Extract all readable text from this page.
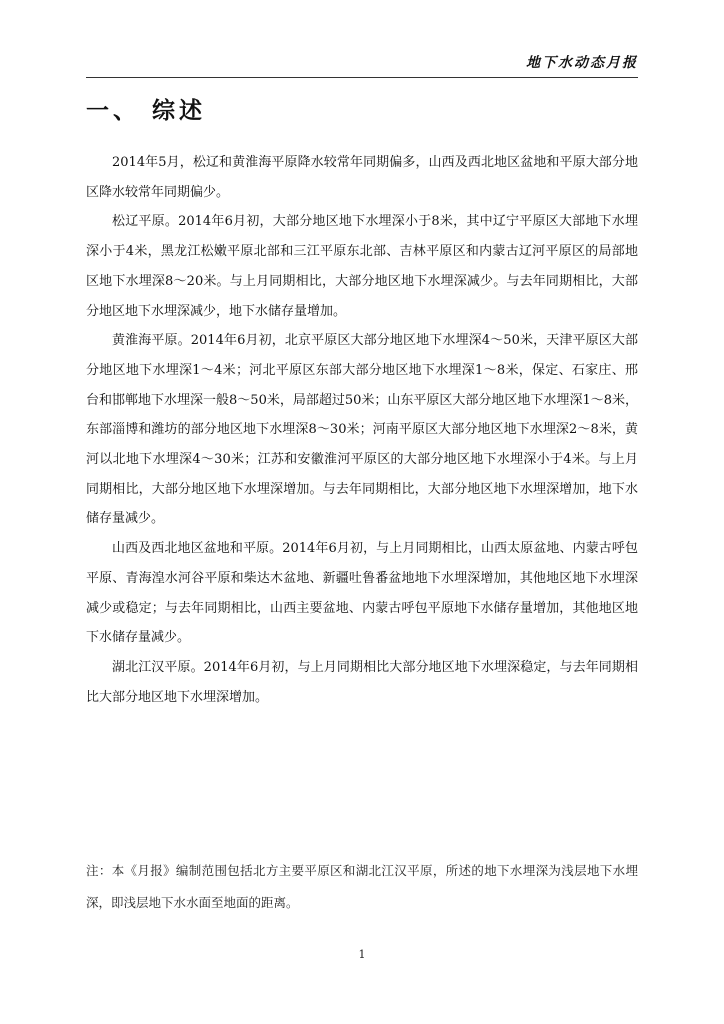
地下水动态月报
一、 综述

2014年5月，松辽和黄淮海平原降水较常年同期偏多，山西及西北地区盆地和平原大部分地区降水较常年同期偏少。

松辽平原。2014年6月初，大部分地区地下水埋深小于8米，其中辽宁平原区大部地下水埋深小于4米，黑龙江松嫩平原北部和三江平原东北部、吉林平原区和内蒙古辽河平原区的局部地区地下水埋深8～20米。与上月同期相比，大部分地区地下水埋深减少。与去年同期相比，大部分地区地下水埋深减少，地下水储存量增加。

黄淮海平原。2014年6月初，北京平原区大部分地区地下水埋深4～50米，天津平原区大部分地区地下水埋深1～4米；河北平原区东部大部分地区地下水埋深1～8米，保定、石家庄、邢台和邯郸地下水埋深一般8～50米，局部超过50米；山东平原区大部分地区地下水埋深1～8米，东部淄博和潍坊的部分地区地下水埋深8～30米；河南平原区大部分地区地下水埋深2～8米，黄河以北地下水埋深4～30米；江苏和安徽淮河平原区的大部分地区地下水埋深小于4米。与上月同期相比，大部分地区地下水埋深增加。与去年同期相比，大部分地区地下水埋深增加，地下水储存量减少。

山西及西北地区盆地和平原。2014年6月初，与上月同期相比，山西太原盆地、内蒙古呼包平原、青海湟水河谷平原和柴达木盆地、新疆吐鲁番盆地地下水埋深增加，其他地区地下水埋深减少或稳定；与去年同期相比，山西主要盆地、内蒙古呼包平原地下水储存量增加，其他地区地下水储存量减少。

湖北江汉平原。2014年6月初，与上月同期相比大部分地区地下水埋深稳定，与去年同期相比大部分地区地下水埋深增加。

注：本《月报》编制范围包括北方主要平原区和湖北江汉平原，所述的地下水埋深为浅层地下水埋深，即浅层地下水水面至地面的距离。
1
